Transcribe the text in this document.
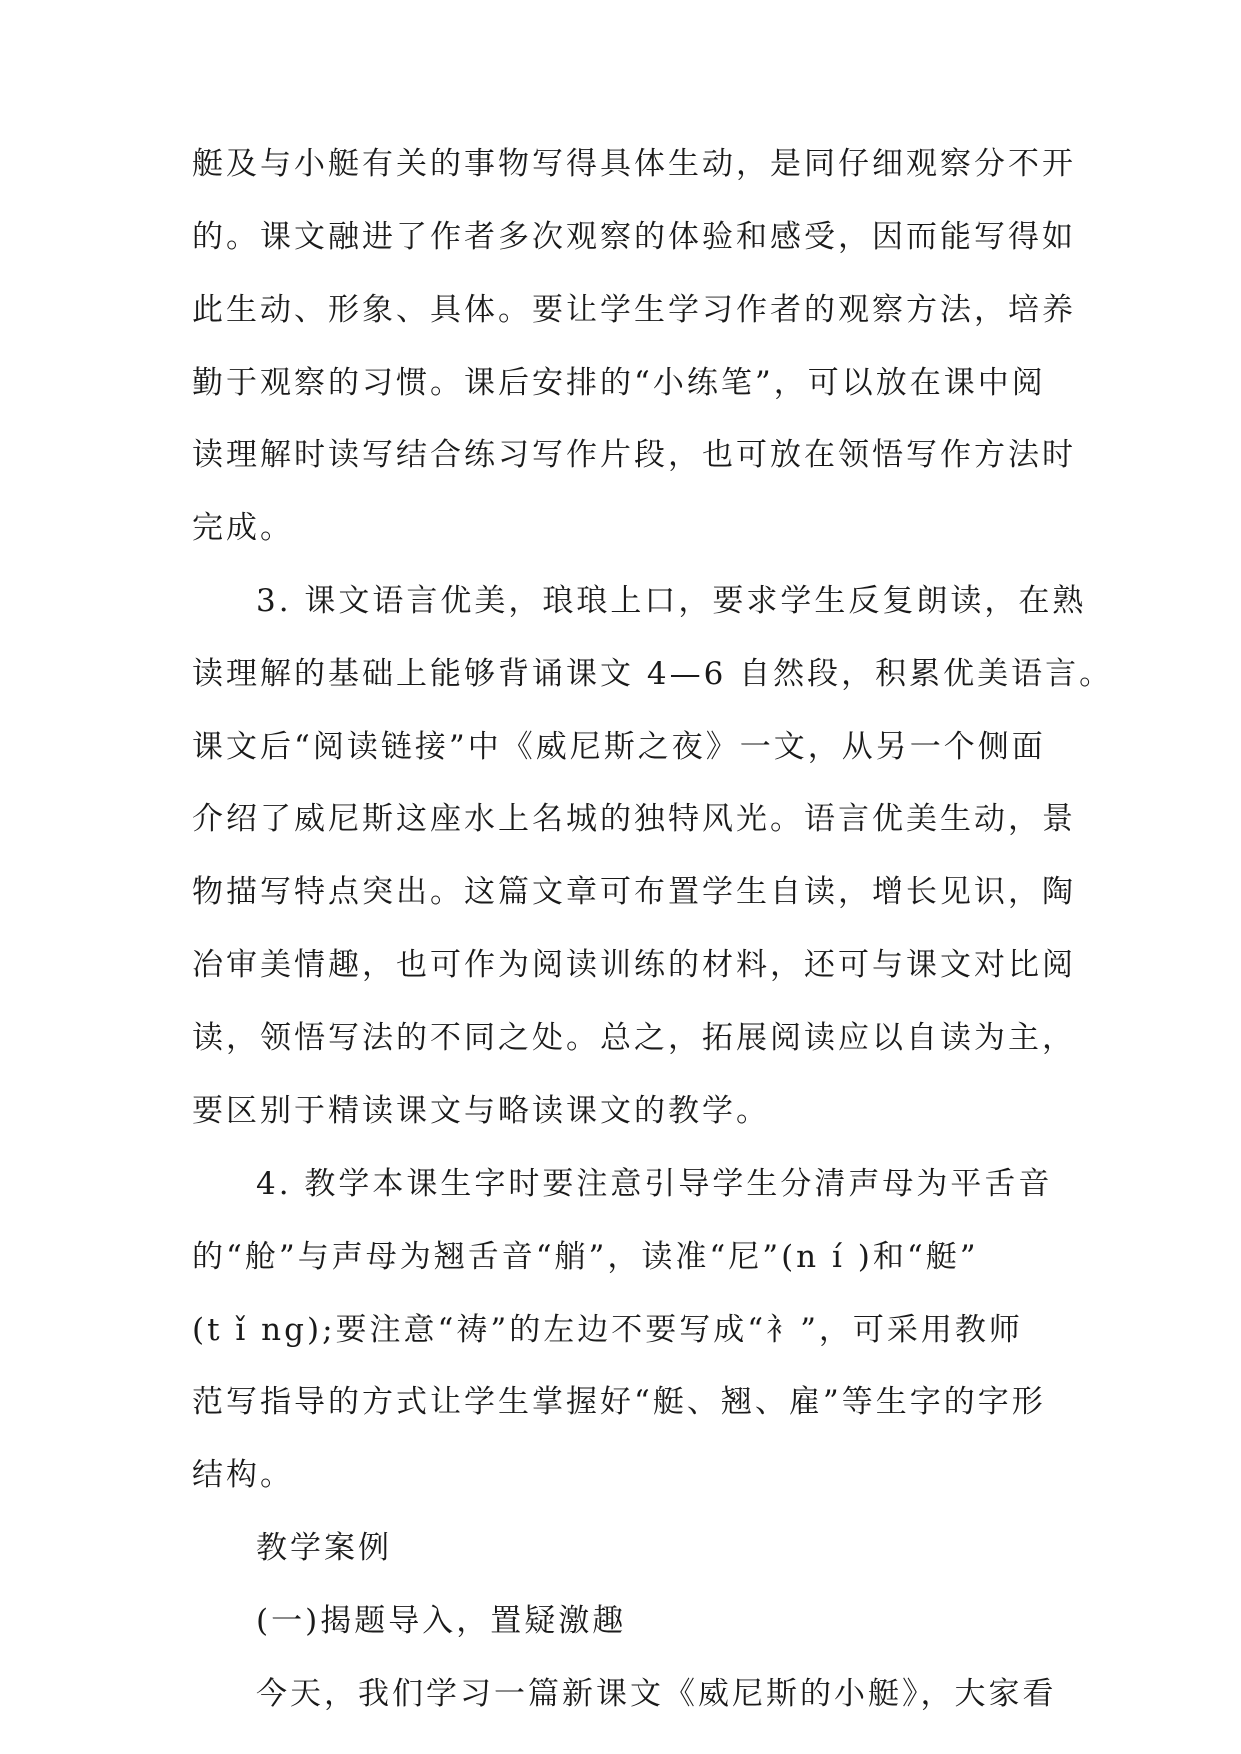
艇及与小艇有关的事物写得具体生动，是同仔细观察分不开
的。课文融进了作者多次观察的体验和感受，因而能写得如
此生动、形象、具体。要让学生学习作者的观察方法，培养
勤于观察的习惯。课后安排的“小练笔”，可以放在课中阅
读理解时读写结合练习写作片段，也可放在领悟写作方法时
完成。
3. 课文语言优美，琅琅上口，要求学生反复朗读，在熟
读理解的基础上能够背诵课文 4—6 自然段，积累优美语言。
课文后“阅读链接”中《威尼斯之夜》一文，从另一个侧面
介绍了威尼斯这座水上名城的独特风光。语言优美生动，景
物描写特点突出。这篇文章可布置学生自读，增长见识，陶
冶审美情趣，也可作为阅读训练的材料，还可与课文对比阅
读，领悟写法的不同之处。总之，拓展阅读应以自读为主，
要区别于精读课文与略读课文的教学。
4. 教学本课生字时要注意引导学生分清声母为平舌音
的“舱”与声母为翘舌音“艄”，读准“尼”(n í )和“艇”
(t ǐ ng);要注意“祷”的左边不要写成“衤”，可采用教师
范写指导的方式让学生掌握好“艇、翘、雇”等生字的字形
结构。
教学案例
(一)揭题导入，置疑激趣
今天，我们学习一篇新课文《威尼斯的小艇》，大家看
